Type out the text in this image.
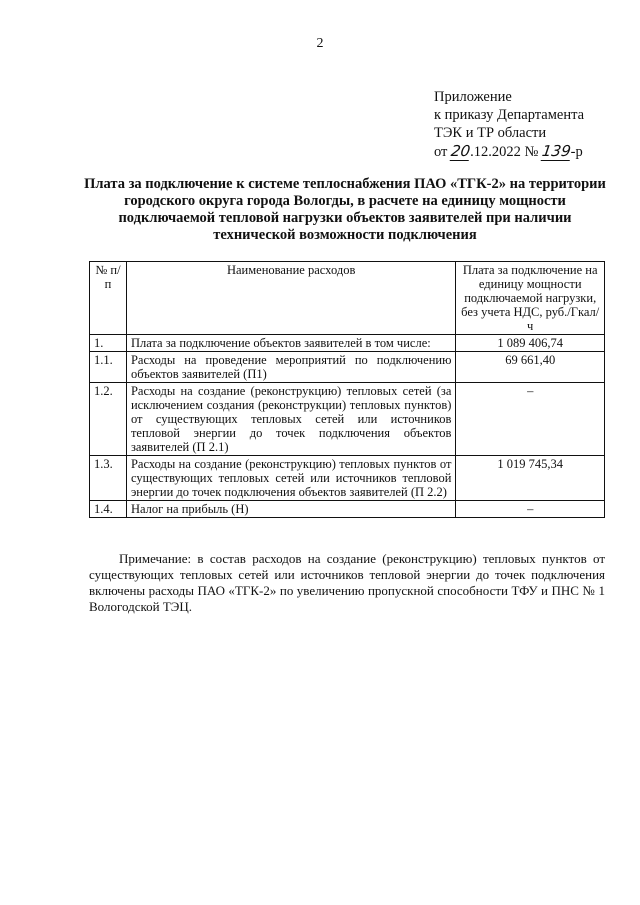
2
Приложение
к приказу Департамента
ТЭК и ТР области
от 20.12.2022 № 139-р
Плата за подключение к системе теплоснабжения ПАО «ТГК-2» на территории городского округа города Вологды, в расчете на единицу мощности подключаемой тепловой нагрузки объектов заявителей при наличии технической возможности подключения
№ п/п	Наименование расходов	Плата за подключение на единицу мощности подключаемой нагрузки, без учета НДС, руб./Гкал/ч
1.	Плата за подключение объектов заявителей в том числе:	1 089 406,74
1.1.	Расходы на проведение мероприятий по подключению объектов заявителей (П1)	69 661,40
1.2.	Расходы на создание (реконструкцию) тепловых сетей (за исключением создания (реконструкции) тепловых пунктов) от существующих тепловых сетей или источников тепловой энергии до точек подключения объектов заявителей (П 2.1)	–
1.3.	Расходы на создание (реконструкцию) тепловых пунктов от существующих тепловых сетей или источников тепловой энергии до точек подключения объектов заявителей (П 2.2)	1 019 745,34
1.4.	Налог на прибыль (Н)	–
Примечание: в состав расходов на создание (реконструкцию) тепловых пунктов от существующих тепловых сетей или источников тепловой энергии до точек подключения включены расходы ПАО «ТГК-2» по увеличению пропускной способности ТФУ и ПНС № 1 Вологодской ТЭЦ.
